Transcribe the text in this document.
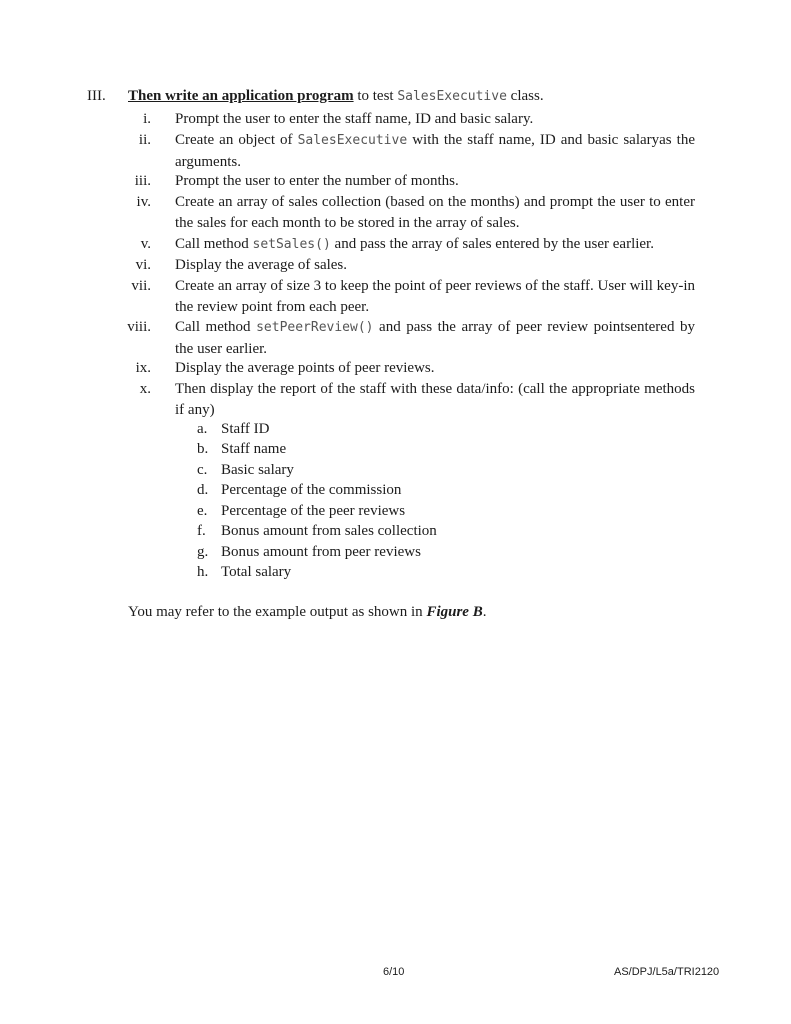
III. Then write an application program to test SalesExecutive class.
i. Prompt the user to enter the staff name, ID and basic salary.
ii. Create an object of SalesExecutive with the staff name, ID and basic salaryas the arguments.
iii. Prompt the user to enter the number of months.
iv. Create an array of sales collection (based on the months) and prompt the user to enter the sales for each month to be stored in the array of sales.
v. Call method setSales() and pass the array of sales entered by the user earlier.
vi. Display the average of sales.
vii. Create an array of size 3 to keep the point of peer reviews of the staff. User will key-in the review point from each peer.
viii. Call method setPeerReview() and pass the array of peer review pointsentered by the user earlier.
ix. Display the average points of peer reviews.
x. Then display the report of the staff with these data/info: (call the appropriate methods if any)
a. Staff ID
b. Staff name
c. Basic salary
d. Percentage of the commission
e. Percentage of the peer reviews
f. Bonus amount from sales collection
g. Bonus amount from peer reviews
h. Total salary
You may refer to the example output as shown in Figure B.
6/10	AS/DPJ/L5a/TRI2120
